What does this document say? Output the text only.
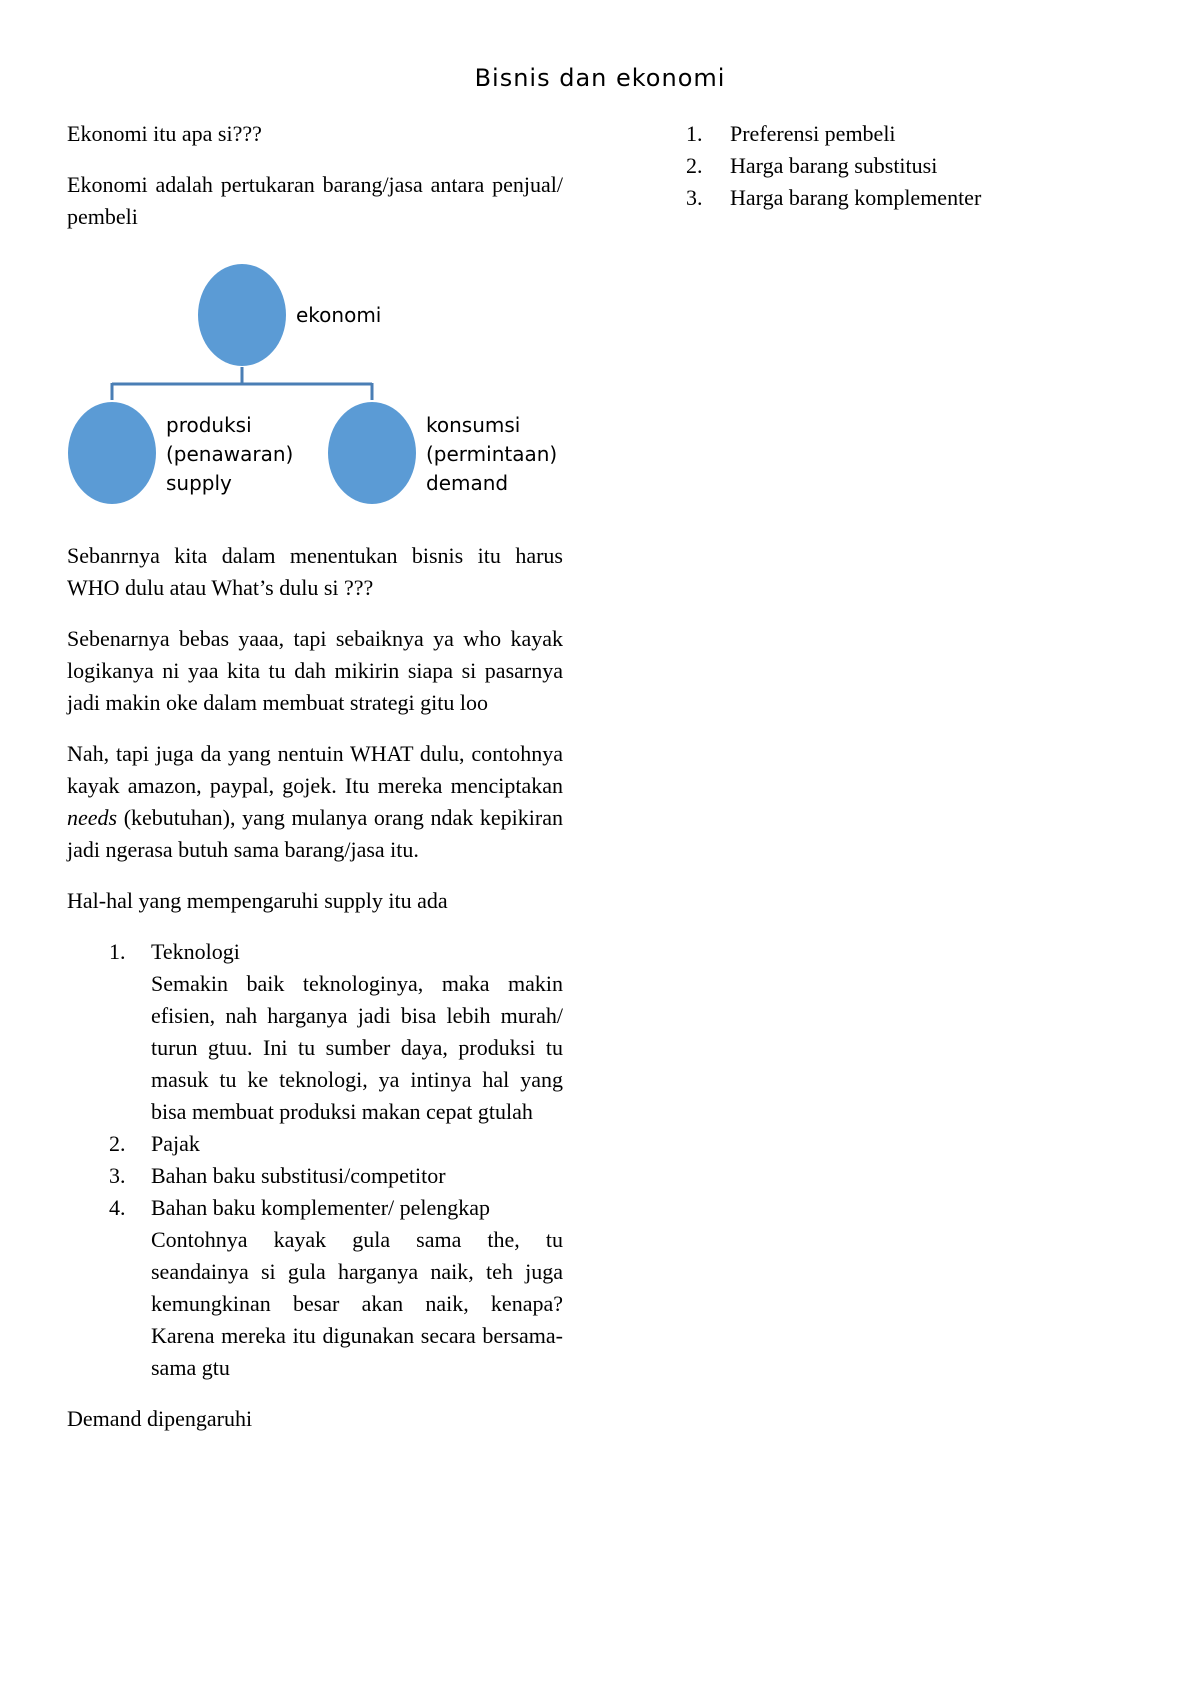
Bisnis dan ekonomi

Ekonomi itu apa si???

Ekonomi adalah pertukaran barang/jasa antara penjual/ pembeli

ekonomi
produksi
(penawaran)
supply
konsumsi
(permintaan)
demand

Sebanrnya kita dalam menentukan bisnis itu harus WHO dulu atau What’s dulu si ???

Sebenarnya bebas yaaa, tapi sebaiknya ya who kayak logikanya ni yaa kita tu dah mikirin siapa si pasarnya jadi makin oke dalam membuat strategi gitu loo

Nah, tapi juga da yang nentuin WHAT dulu, contohnya kayak amazon, paypal, gojek. Itu mereka menciptakan needs (kebutuhan), yang mulanya orang ndak kepikiran jadi ngerasa butuh sama barang/jasa itu.

Hal-hal yang mempengaruhi supply itu ada

1. Teknologi
Semakin baik teknologinya, maka makin efisien, nah harganya jadi bisa lebih murah/ turun gtuu. Ini tu sumber daya, produksi tu masuk tu ke teknologi, ya intinya hal yang bisa membuat produksi makan cepat gtulah
2. Pajak
3. Bahan baku substitusi/competitor
4. Bahan baku komplementer/ pelengkap
Contohnya kayak gula sama the, tu seandainya si gula harganya naik, teh juga kemungkinan besar akan naik, kenapa? Karena mereka itu digunakan secara bersama-sama gtu

Demand dipengaruhi

1. Preferensi pembeli
2. Harga barang substitusi
3. Harga barang komplementer
